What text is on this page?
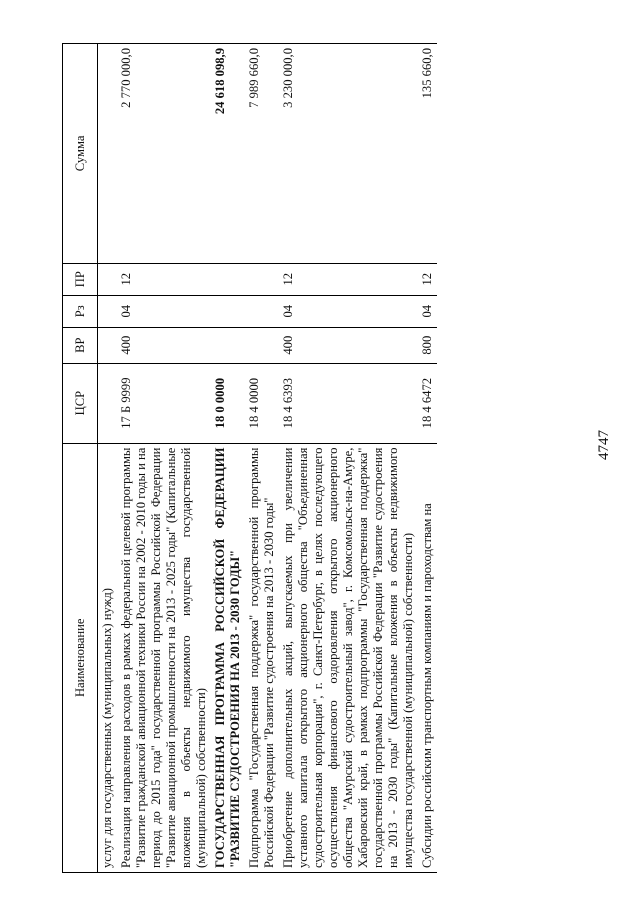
4747
Наименование	ЦСР	ВР	Рз	ПР	Сумма
услуг для государственных (муниципальных) нужд)					
Реализация направления расходов в рамках федеральной целевой программы "Развитие гражданской авиационной техники России на 2002 - 2010 годы и на период до 2015 года" государственной программы Российской Федерации "Развитие авиационной промышленности на 2013 - 2025 годы" (Капитальные вложения в объекты недвижимого имущества государственной (муниципальной) собственности)	17 Б 9999	400	04	12	2 770 000,0
ГОСУДАРСТВЕННАЯ ПРОГРАММА РОССИЙСКОЙ ФЕДЕРАЦИИ "РАЗВИТИЕ СУДОСТРОЕНИЯ НА 2013 - 2030 ГОДЫ"	18 0 0000				24 618 098,9
Подпрограмма "Государственная поддержка" государственной программы Российской Федерации "Развитие судостроения на 2013 - 2030 годы"	18 4 0000				7 989 660,0
Приобретение дополнительных акций, выпускаемых при увеличении уставного капитала открытого акционерного общества "Объединенная судостроительная корпорация", г. Санкт-Петербург, в целях последующего осуществления финансового оздоровления открытого акционерного общества "Амурский судостроительный завод", г. Комсомольск-на-Амуре, Хабаровский край, в рамках подпрограммы "Государственная поддержка" государственной программы Российской Федерации "Развитие судостроения на 2013 - 2030 годы" (Капитальные вложения в объекты недвижимого имущества государственной (муниципальной) собственности)	18 4 6393	400	04	12	3 230 000,0
Субсидии российским транспортным компаниям и пароходствам на	18 4 6472	800	04	12	135 660,0
